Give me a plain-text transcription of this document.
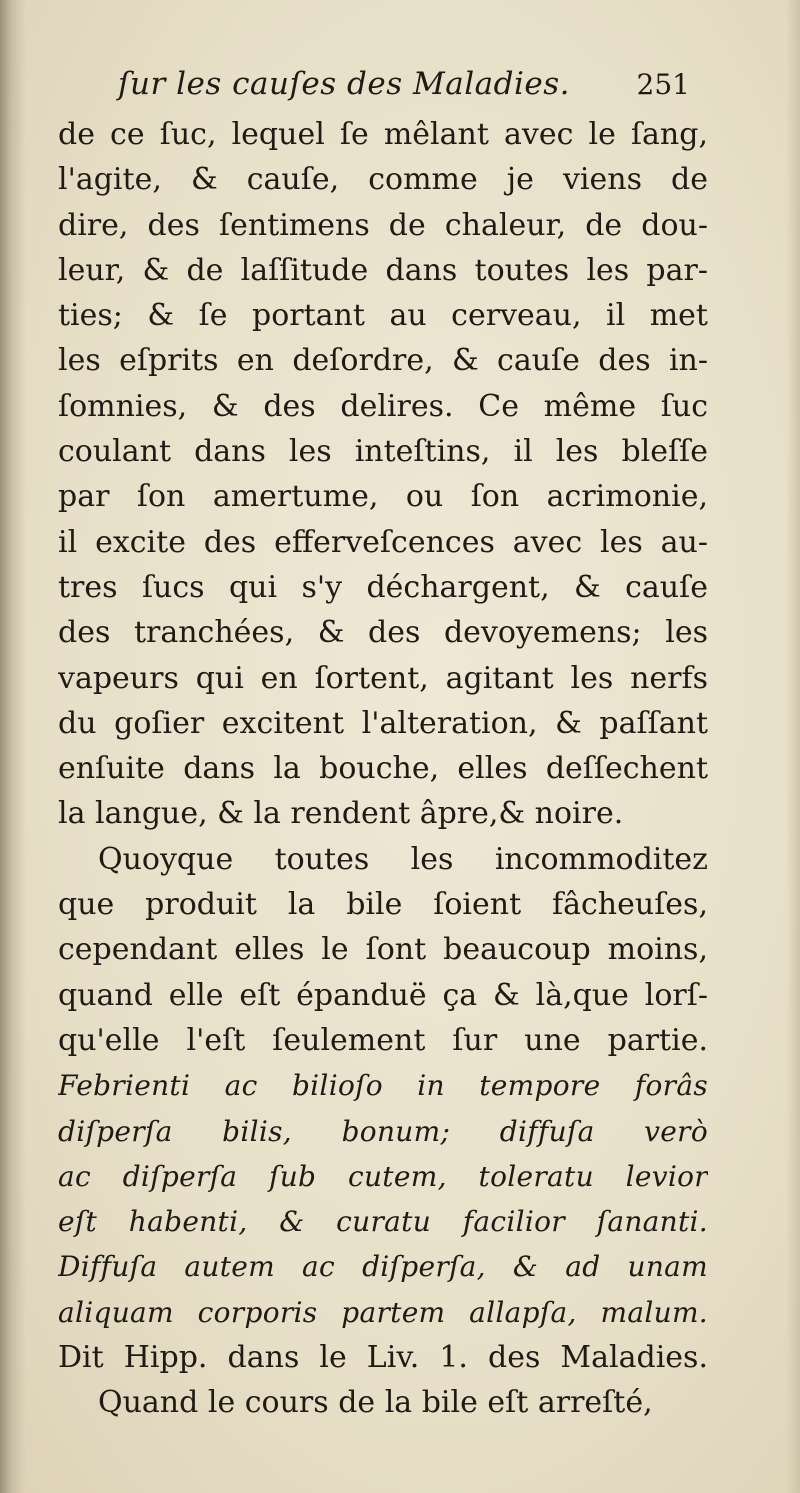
ſur les cauſes des Maladies. 251
de ce ſuc, lequel ſe mêlant avec le ſang,
l'agite, & cauſe, comme je viens de
dire, des ſentimens de chaleur, de dou-
leur, & de laſſitude dans toutes les par-
ties; & ſe portant au cerveau, il met
les eſprits en deſordre, & cauſe des in-
ſomnies, & des delires. Ce même ſuc
coulant dans les inteſtins, il les bleſſe
par ſon amertume, ou ſon acrimonie,
il excite des efferveſcences avec les au-
tres ſucs qui s'y déchargent, & cauſe
des tranchées, & des devoyemens; les
vapeurs qui en ſortent, agitant les nerfs
du goſier excitent l'alteration, & paſſant
enſuite dans la bouche, elles deſſechent
la langue, & la rendent âpre,& noire.
Quoyque toutes les incommoditez
que produit la bile ſoient fâcheuſes,
cependant elles le ſont beaucoup moins,
quand elle eſt épanduë ça & là,que lorſ-
qu'elle l'eſt ſeulement ſur une partie.
Febrienti ac bilioſo in tempore forâs
diſperſa bilis, bonum; diffuſa verò
ac diſperſa ſub cutem, toleratu levior
eſt habenti, & curatu facilior ſananti.
Diffuſa autem ac diſperſa, & ad unam
aliquam corporis partem allapſa, malum.
Dit Hipp. dans le Liv. 1. des Maladies.
Quand le cours de la bile eſt arreſté,
